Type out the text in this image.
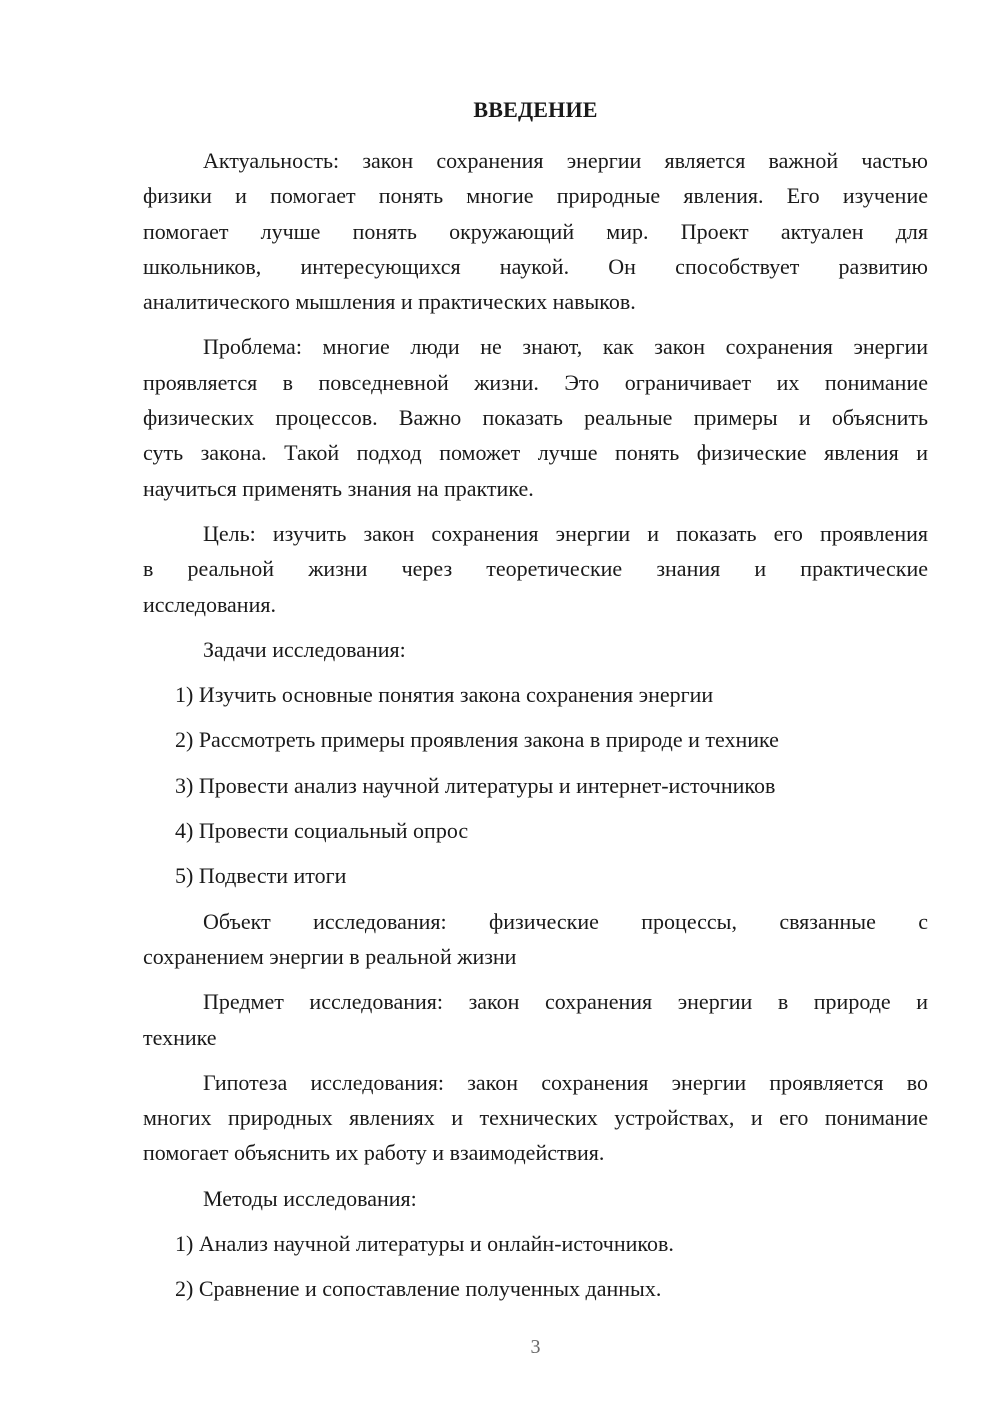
ВВЕДЕНИЕ
Актуальность: закон сохранения энергии является важной частью
физики и помогает понять многие природные явления. Его изучение
помогает лучше понять окружающий мир. Проект актуален для
школьников, интересующихся наукой. Он способствует развитию
аналитического мышления и практических навыков.
Проблема: многие люди не знают, как закон сохранения энергии
проявляется в повседневной жизни. Это ограничивает их понимание
физических процессов. Важно показать реальные примеры и объяснить
суть закона. Такой подход поможет лучше понять физические явления и
научиться применять знания на практике.
Цель: изучить закон сохранения энергии и показать его проявления
в реальной жизни через теоретические знания и практические
исследования.
Задачи исследования:
1) Изучить основные понятия закона сохранения энергии
2) Рассмотреть примеры проявления закона в природе и технике
3) Провести анализ научной литературы и интернет-источников
4) Провести социальный опрос
5) Подвести итоги
Объект исследования: физические процессы, связанные с
сохранением энергии в реальной жизни
Предмет исследования: закон сохранения энергии в природе и
технике
Гипотеза исследования: закон сохранения энергии проявляется во
многих природных явлениях и технических устройствах, и его понимание
помогает объяснить их работу и взаимодействия.
Методы исследования:
1) Анализ научной литературы и онлайн-источников.
2) Сравнение и сопоставление полученных данных.
3
